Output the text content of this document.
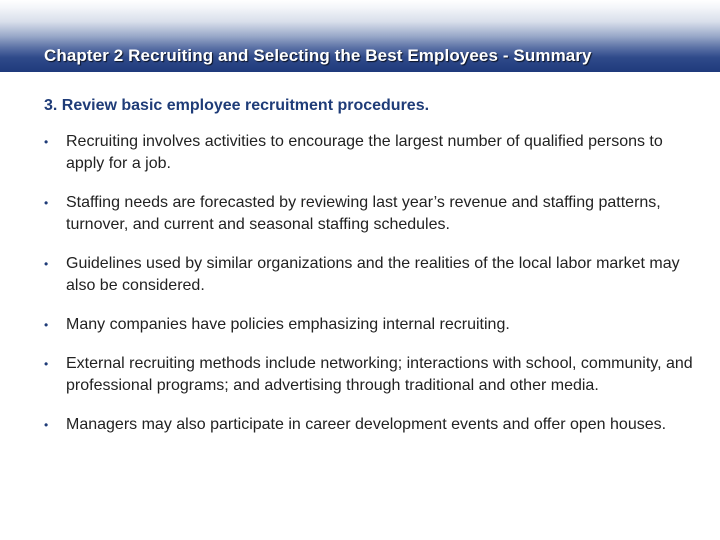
Chapter 2 Recruiting and Selecting the Best Employees - Summary
3. Review basic employee recruitment procedures.
• Recruiting involves activities to encourage the largest number of qualified persons to apply for a job.
• Staffing needs are forecasted by reviewing last year’s revenue and staffing patterns, turnover, and current and seasonal staffing schedules.
• Guidelines used by similar organizations and the realities of the local labor market may also be considered.
• Many companies have policies emphasizing internal recruiting.
• External recruiting methods include networking; interactions with school, community, and professional programs; and advertising through traditional and other media.
• Managers may also participate in career development events and offer open houses.
